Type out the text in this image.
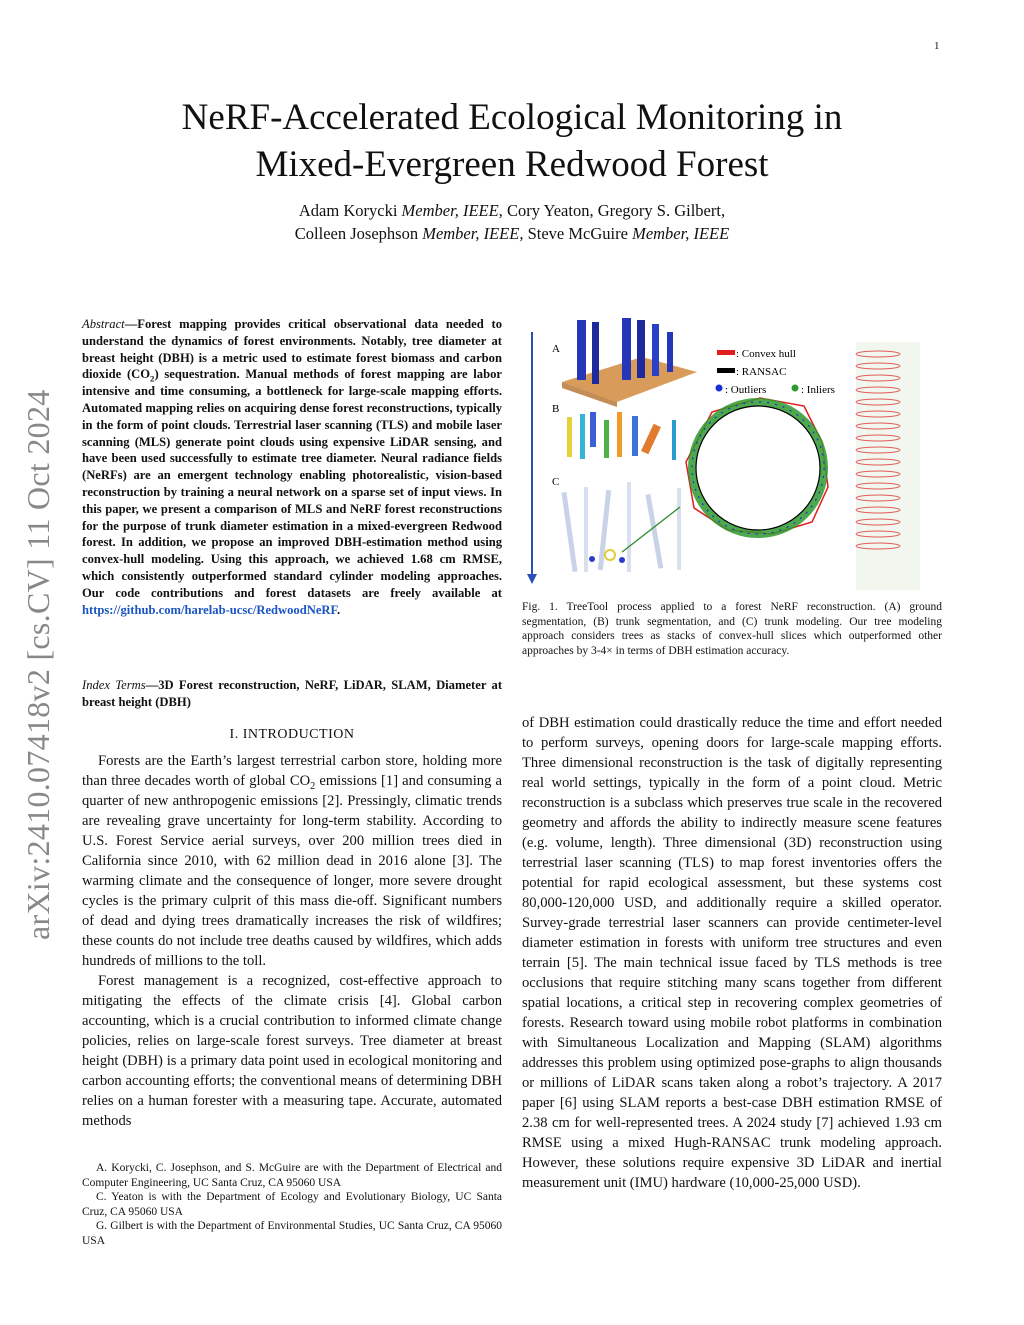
1
NeRF-Accelerated Ecological Monitoring in
Mixed-Evergreen Redwood Forest
Adam Korycki Member, IEEE, Cory Yeaton, Gregory S. Gilbert,
Colleen Josephson Member, IEEE, Steve McGuire Member, IEEE
arXiv:2410.07418v2 [cs.CV] 11 Oct 2024
Abstract—Forest mapping provides critical observational data needed to understand the dynamics of forest environments. Notably, tree diameter at breast height (DBH) is a metric used to estimate forest biomass and carbon dioxide $(CO_2)$ sequestration. Manual methods of forest mapping are labor intensive and time consuming, a bottleneck for large-scale mapping efforts. Automated mapping relies on acquiring dense forest reconstructions, typically in the form of point clouds. Terrestrial laser scanning (TLS) and mobile laser scanning (MLS) generate point clouds using expensive LiDAR sensing, and have been used successfully to estimate tree diameter. Neural radiance fields (NeRFs) are an emergent technology enabling photorealistic, vision-based reconstruction by training a neural network on a sparse set of input views. In this paper, we present a comparison of MLS and NeRF forest reconstructions for the purpose of trunk diameter estimation in a mixed-evergreen Redwood forest. In addition, we propose an improved DBH-estimation method using convex-hull modeling. Using this approach, we achieved 1.68 cm RMSE, which consistently outperformed standard cylinder modeling approaches. Our code contributions and forest datasets are freely available at https://github.com/harelab-ucsc/RedwoodNeRF.
Index Terms—3D Forest reconstruction, NeRF, LiDAR, SLAM, Diameter at breast height (DBH)
I. INTRODUCTION

Forests are the Earth’s largest terrestrial carbon store, holding more than three decades worth of global $CO_2$ emissions [1] and consuming a quarter of new anthropogenic emissions [2]. Pressingly, climatic trends are revealing grave uncertainty for long-term stability. According to U.S. Forest Service aerial surveys, over 200 million trees died in California since 2010, with 62 million dead in 2016 alone [3]. The warming climate and the consequence of longer, more severe drought cycles is the primary culprit of this mass die-off. Significant numbers of dead and dying trees dramatically increases the risk of wildfires; these counts do not include tree deaths caused by wildfires, which adds hundreds of millions to the toll.

Forest management is a recognized, cost-effective approach to mitigating the effects of the climate crisis [4]. Global carbon accounting, which is a crucial contribution to informed climate change policies, relies on large-scale forest surveys. Tree diameter at breast height (DBH) is a primary data point used in ecological monitoring and carbon accounting efforts; the conventional means of determining DBH relies on a human forester with a measuring tape. Accurate, automated methods

A. Korycki, C. Josephson, and S. McGuire are with the Department of Electrical and Computer Engineering, UC Santa Cruz, CA 95060 USA

C. Yeaton is with the Department of Ecology and Evolutionary Biology, UC Santa Cruz, CA 95060 USA

G. Gilbert is with the Department of Environmental Studies, UC Santa Cruz, CA 95060 USA

A
B
C
: Convex hull
: RANSAC
: Outliers	: Inliers
Fig. 1. TreeTool process applied to a forest NeRF reconstruction. (A) ground segmentation, (B) trunk segmentation, and (C) trunk modeling. Our tree modeling approach considers trees as stacks of convex-hull slices which outperformed other approaches by 3-4× in terms of DBH estimation accuracy.

of DBH estimation could drastically reduce the time and effort needed to perform surveys, opening doors for large-scale mapping efforts. Three dimensional reconstruction is the task of digitally representing real world settings, typically in the form of a point cloud. Metric reconstruction is a subclass which preserves true scale in the recovered geometry and affords the ability to indirectly measure scene features (e.g. volume, length). Three dimensional (3D) reconstruction using terrestrial laser scanning (TLS) to map forest inventories offers the potential for rapid ecological assessment, but these systems cost 80,000-120,000 USD, and additionally require a skilled operator. Survey-grade terrestrial laser scanners can provide centimeter-level diameter estimation in forests with uniform tree structures and even terrain [5]. The main technical issue faced by TLS methods is tree occlusions that require stitching many scans together from different spatial locations, a critical step in recovering complex geometries of forests. Research toward using mobile robot platforms in combination with Simultaneous Localization and Mapping (SLAM) algorithms addresses this problem using optimized pose-graphs to align thousands or millions of LiDAR scans taken along a robot’s trajectory. A 2017 paper [6] using SLAM reports a best-case DBH estimation RMSE of 2.38 cm for well-represented trees. A 2024 study [7] achieved 1.93 cm RMSE using a mixed Hugh-RANSAC trunk modeling approach. However, these solutions require expensive 3D LiDAR and inertial measurement unit (IMU) hardware (10,000-25,000 USD).
